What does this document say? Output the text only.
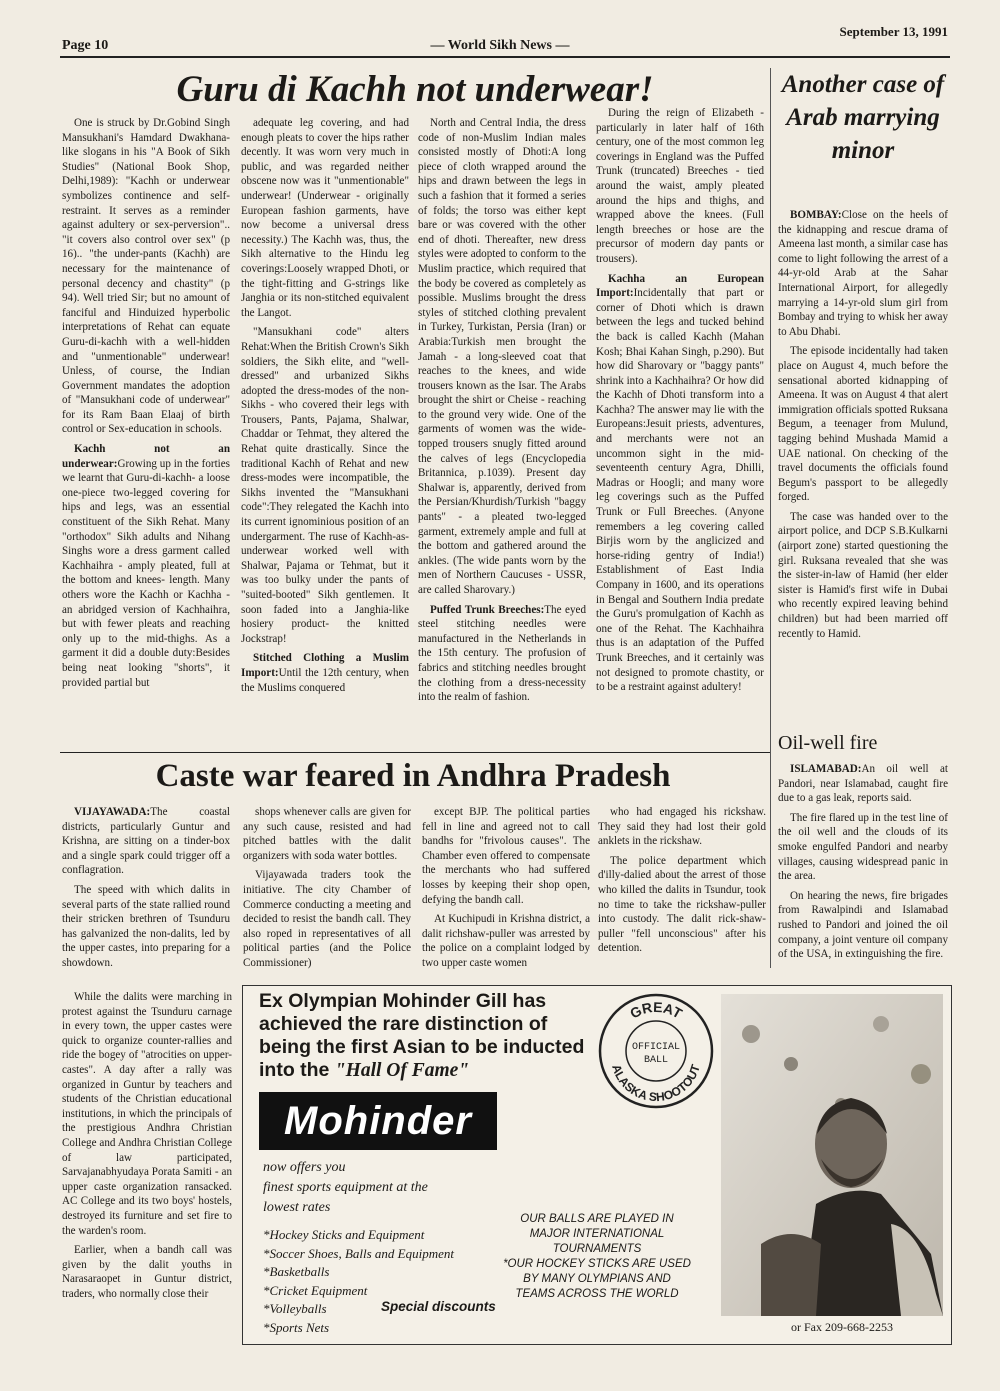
Page 10	— World Sikh News —
September 13, 1991
Guru di Kachh not underwear!

One is struck by Dr.Gobind Singh Mansukhani's Hamdard Dwakhana- like slogans in his "A Book of Sikh Studies" (National Book Shop, Delhi,1989): "Kachh or underwear symbolizes continence and self-restraint. It serves as a reminder against adultery or sex-perversion".. "it covers also control over sex" (p 16).. "the under-pants (Kachh) are necessary for the maintenance of personal decency and chastity" (p 94). Well tried Sir; but no amount of fanciful and Hinduized hyperbolic interpretations of Rehat can equate Guru-di-kachh with a well-hidden and "unmentionable" underwear! Unless, of course, the Indian Government mandates the adoption of "Mansukhani code of underwear" for its Ram Baan Elaaj of birth control or Sex-education in schools.

Kachh not an underwear:Growing up in the forties we learnt that Guru-di-kachh- a loose one-piece two-legged covering for hips and legs, was an essential constituent of the Sikh Rehat. Many "orthodox" Sikh adults and Nihang Singhs wore a dress garment called Kachhaihra - amply pleated, full at the bottom and knees- length. Many others wore the Kachh or Kachha - an abridged version of Kachhaihra, but with fewer pleats and reaching only up to the mid-thighs. As a garment it did a double duty:Besides being neat looking "shorts", it provided partial but

adequate leg covering, and had enough pleats to cover the hips rather decently. It was worn very much in public, and was regarded neither obscene now was it "unmentionable" underwear! (Underwear - originally European fashion garments, have now become a universal dress necessity.) The Kachh was, thus, the Sikh alternative to the Hindu leg coverings:Loosely wrapped Dhoti, or the tight-fitting and G-strings like Janghia or its non-stitched equivalent the Langot.

"Mansukhani code" alters Rehat:When the British Crown's Sikh soldiers, the Sikh elite, and "well-dressed" and urbanized Sikhs adopted the dress-modes of the non-Sikhs - who covered their legs with Trousers, Pants, Pajama, Shalwar, Chaddar or Tehmat, they altered the Rehat quite drastically. Since the traditional Kachh of Rehat and new dress-modes were incompatible, the Sikhs invented the "Mansukhani code":They relegated the Kachh into its current ignominious position of an undergarment. The ruse of Kachh-as-underwear worked well with Shalwar, Pajama or Tehmat, but it was too bulky under the pants of "suited-booted" Sikh gentlemen. It soon faded into a Janghia-like hosiery product- the knitted Jockstrap!

Stitched Clothing a Muslim Import:Until the 12th century, when the Muslims conquered

North and Central India, the dress code of non-Muslim Indian males consisted mostly of Dhoti:A long piece of cloth wrapped around the hips and drawn between the legs in such a fashion that it formed a series of folds; the torso was either kept bare or was covered with the other end of dhoti. Thereafter, new dress styles were adopted to conform to the Muslim practice, which required that the body be covered as completely as possible. Muslims brought the dress styles of stitched clothing prevalent in Turkey, Turkistan, Persia (Iran) or Arabia:Turkish men brought the Jamah - a long-sleeved coat that reaches to the knees, and wide trousers known as the Isar. The Arabs brought the shirt or Cheise - reaching to the ground very wide. One of the garments of women was the wide-topped trousers snugly fitted around the calves of legs (Encyclopedia Britannica, p.1039). Present day Shalwar is, apparently, derived from the Persian/Khurdish/Turkish "baggy pants" - a pleated two-legged garment, extremely ample and full at the bottom and gathered around the ankles. (The wide pants worn by the men of Northern Caucuses - USSR, are called Sharovary.)

Puffed Trunk Breeches:The eyed steel stitching needles were manufactured in the Netherlands in the 15th century. The profusion of fabrics and stitching needles brought the clothing from a dress-necessity into the realm of fashion.

During the reign of Elizabeth - particularly in later half of 16th century, one of the most common leg coverings in England was the Puffed Trunk (truncated) Breeches - tied around the waist, amply pleated around the hips and thighs, and wrapped above the knees. (Full length breeches or hose are the precursor of modern day pants or trousers).

Kachha an European Import:Incidentally that part or corner of Dhoti which is drawn between the legs and tucked behind the back is called Kachh (Mahan Kosh; Bhai Kahan Singh, p.290). But how did Sharovary or "baggy pants" shrink into a Kachhaihra? Or how did the Kachh of Dhoti transform into a Kachha? The answer may lie with the Europeans:Jesuit priests, adventures, and merchants were not an uncommon sight in the mid-seventeenth century Agra, Dhilli, Madras or Hoogli; and many wore leg coverings such as the Puffed Trunk or Full Breeches. (Anyone remembers a leg covering called Birjis worn by the anglicized and horse-riding gentry of India!) Establishment of East India Company in 1600, and its operations in Bengal and Southern India predate the Guru's promulgation of Kachh as one of the Rehat. The Kachhaihra thus is an adaptation of the Puffed Trunk Breeches, and it certainly was not designed to promote chastity, or to be a restraint against adultery!

Another case of Arab marrying minor

BOMBAY:Close on the heels of the kidnapping and rescue drama of Ameena last month, a similar case has come to light following the arrest of a 44-yr-old Arab at the Sahar International Airport, for allegedly marrying a 14-yr-old slum girl from Bombay and trying to whisk her away to Abu Dhabi.

The episode incidentally had taken place on August 4, much before the sensational aborted kidnapping of Ameena. It was on August 4 that alert immigration officials spotted Ruksana Begum, a teenager from Mulund, tagging behind Mushada Mamid a UAE national. On checking of the travel documents the officials found Begum's passport to be allegedly forged.

The case was handed over to the airport police, and DCP S.B.Kulkarni (airport zone) started questioning the girl. Ruksana revealed that she was the sister-in-law of Hamid (her elder sister is Hamid's first wife in Dubai who recently expired leaving behind children) but had been married off recently to Hamid.

Oil-well fire

ISLAMABAD:An oil well at Pandori, near Islamabad, caught fire due to a gas leak, reports said.

The fire flared up in the test line of the oil well and the clouds of its smoke engulfed Pandori and nearby villages, causing widespread panic in the area.

On hearing the news, fire brigades from Rawalpindi and Islamabad rushed to Pandori and joined the oil company, a joint venture oil company of the USA, in extinguishing the fire.

Caste war feared in Andhra Pradesh

VIJAYAWADA:The coastal districts, particularly Guntur and Krishna, are sitting on a tinder-box and a single spark could trigger off a conflagration.

The speed with which dalits in several parts of the state rallied round their stricken brethren of Tsunduru has galvanized the non-dalits, led by the upper castes, into preparing for a showdown.

shops whenever calls are given for any such cause, resisted and had pitched battles with the dalit organizers with soda water bottles.

Vijayawada traders took the initiative. The city Chamber of Commerce conducting a meeting and decided to resist the bandh call. They also roped in representatives of all political parties (and the Police Commissioner)

except BJP. The political parties fell in line and agreed not to call bandhs for "frivolous causes". The Chamber even offered to compensate the merchants who had suffered losses by keeping their shop open, defying the bandh call.

At Kuchipudi in Krishna district, a dalit richshaw-puller was arrested by the police on a complaint lodged by two upper caste women

who had engaged his rickshaw. They said they had lost their gold anklets in the rickshaw.

The police department which d'illy-dalied about the arrest of those who killed the dalits in Tsundur, took no time to take the rickshaw-puller into custody. The dalit rick-shaw-puller "fell unconscious" after his detention.

While the dalits were marching in protest against the Tsunduru carnage in every town, the upper castes were quick to organize counter-rallies and ride the bogey of "atrocities on upper-castes". A day after a rally was organized in Guntur by teachers and students of the Christian educational institutions, in which the principals of the prestigious Andhra Christian College and Andhra Christian College of law participated, Sarvajanabhyudaya Porata Samiti - an upper caste organization ransacked. AC College and its two boys' hostels, destroyed its furniture and set fire to the warden's room.

Earlier, when a bandh call was given by the dalit youths in Narasaraopet in Guntur district, traders, who normally close their

Ex Olympian Mohinder Gill has
achieved the rare distinction of
being the first Asian to be inducted
into the "Hall Of Fame"
GREAT
ALASKA SHOOTOUT
OFFICIAL
BALL
Mohinder
now offers you
finest sports equipment at the
lowest rates
*Hockey Sticks and Equipment
*Soccer Shoes, Balls and Equipment
*Basketballs
*Cricket Equipment
*Volleyballs
*Sports Nets
Special discounts
OUR BALLS ARE PLAYED IN
MAJOR INTERNATIONAL
TOURNAMENTS
*OUR HOCKEY STICKS ARE USED
BY MANY OLYMPIANS AND
TEAMS ACROSS THE WORLD
or Fax 209-668-2253
